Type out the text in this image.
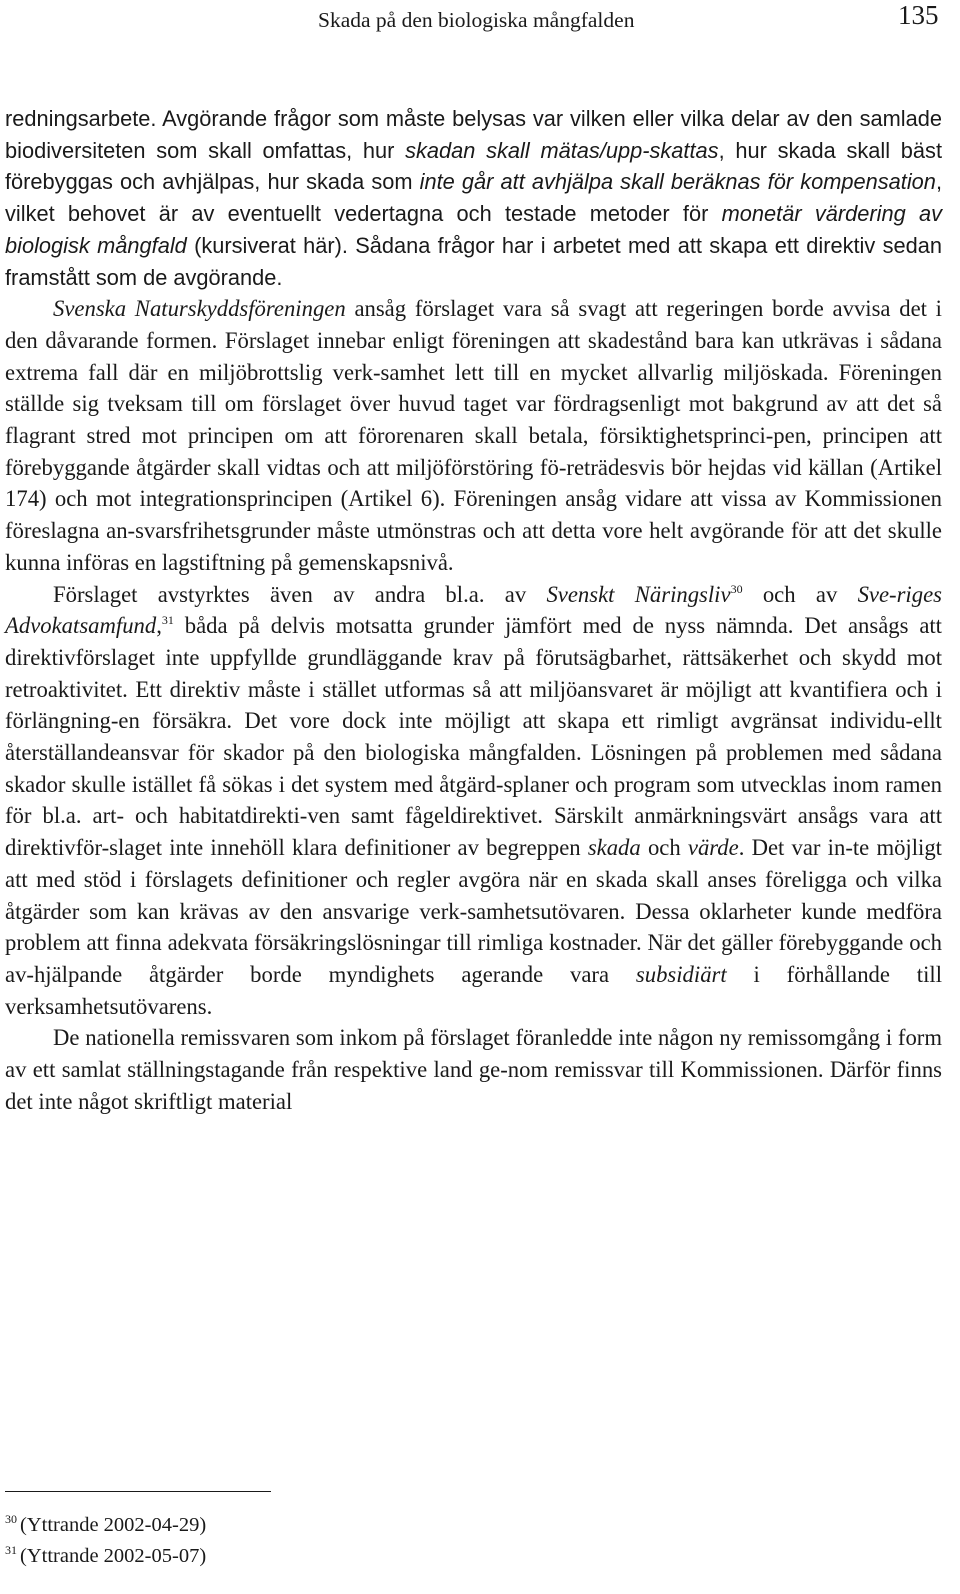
Skada på den biologiska mångfalden	135

redningsarbete. Avgörande frågor som måste belysas var vilken eller vilka delar av den samlade biodiversiteten som skall omfattas, hur skadan skall mätas/upp-skattas, hur skada skall bäst förebyggas och avhjälpas, hur skada som inte går att avhjälpa skall beräknas för kompensation, vilket behovet är av eventuellt vedertagna och testade metoder för monetär värdering av biologisk mångfald (kursiverat här). Sådana frågor har i arbetet med att skapa ett direktiv sedan framstått som de avgörande.

Svenska Naturskyddsföreningen ansåg förslaget vara så svagt att regeringen borde avvisa det i den dåvarande formen. Förslaget innebar enligt föreningen att skadestånd bara kan utkrävas i sådana extrema fall där en miljöbrottslig verk-samhet lett till en mycket allvarlig miljöskada. Föreningen ställde sig tveksam till om förslaget över huvud taget var fördragsenligt mot bakgrund av att det så flagrant stred mot principen om att förorenaren skall betala, försiktighetsprinci-pen, principen att förebyggande åtgärder skall vidtas och att miljöförstöring fö-reträdesvis bör hejdas vid källan (Artikel 174) och mot integrationsprincipen (Artikel 6). Föreningen ansåg vidare att vissa av Kommissionen föreslagna an-svarsfrihetsgrunder måste utmönstras och att detta vore helt avgörande för att det skulle kunna införas en lagstiftning på gemenskapsnivå.

Förslaget avstyrktes även av andra bl.a. av Svenskt Näringsliv$^{30}$ och av Sve-riges Advokatsamfund,$^{31}$ båda på delvis motsatta grunder jämfört med de nyss nämnda. Det ansågs att direktivförslaget inte uppfyllde grundläggande krav på förutsägbarhet, rättsäkerhet och skydd mot retroaktivitet. Ett direktiv måste i stället utformas så att miljöansvaret är möjligt att kvantifiera och i förlängning-en försäkra. Det vore dock inte möjligt att skapa ett rimligt avgränsat individu-ellt återställandeansvar för skador på den biologiska mångfalden. Lösningen på problemen med sådana skador skulle istället få sökas i det system med åtgärd-splaner och program som utvecklas inom ramen för bl.a. art- och habitatdirekti-ven samt fågeldirektivet. Särskilt anmärkningsvärt ansågs vara att direktivför-slaget inte innehöll klara definitioner av begreppen skada och värde. Det var in-te möjligt att med stöd i förslagets definitioner och regler avgöra när en skada skall anses föreligga och vilka åtgärder som kan krävas av den ansvarige verk-samhetsutövaren. Dessa oklarheter kunde medföra problem att finna adekvata försäkringslösningar till rimliga kostnader. När det gäller förebyggande och av-hjälpande åtgärder borde myndighets agerande vara subsidiärt i förhållande till verksamhetsutövarens.

De nationella remissvaren som inkom på förslaget föranledde inte någon ny remissomgång i form av ett samlat ställningstagande från respektive land ge-nom remissvar till Kommissionen. Därför finns det inte något skriftligt material

$^{30}$ (Yttrande 2002-04-29)
$^{31}$ (Yttrande 2002-05-07)
